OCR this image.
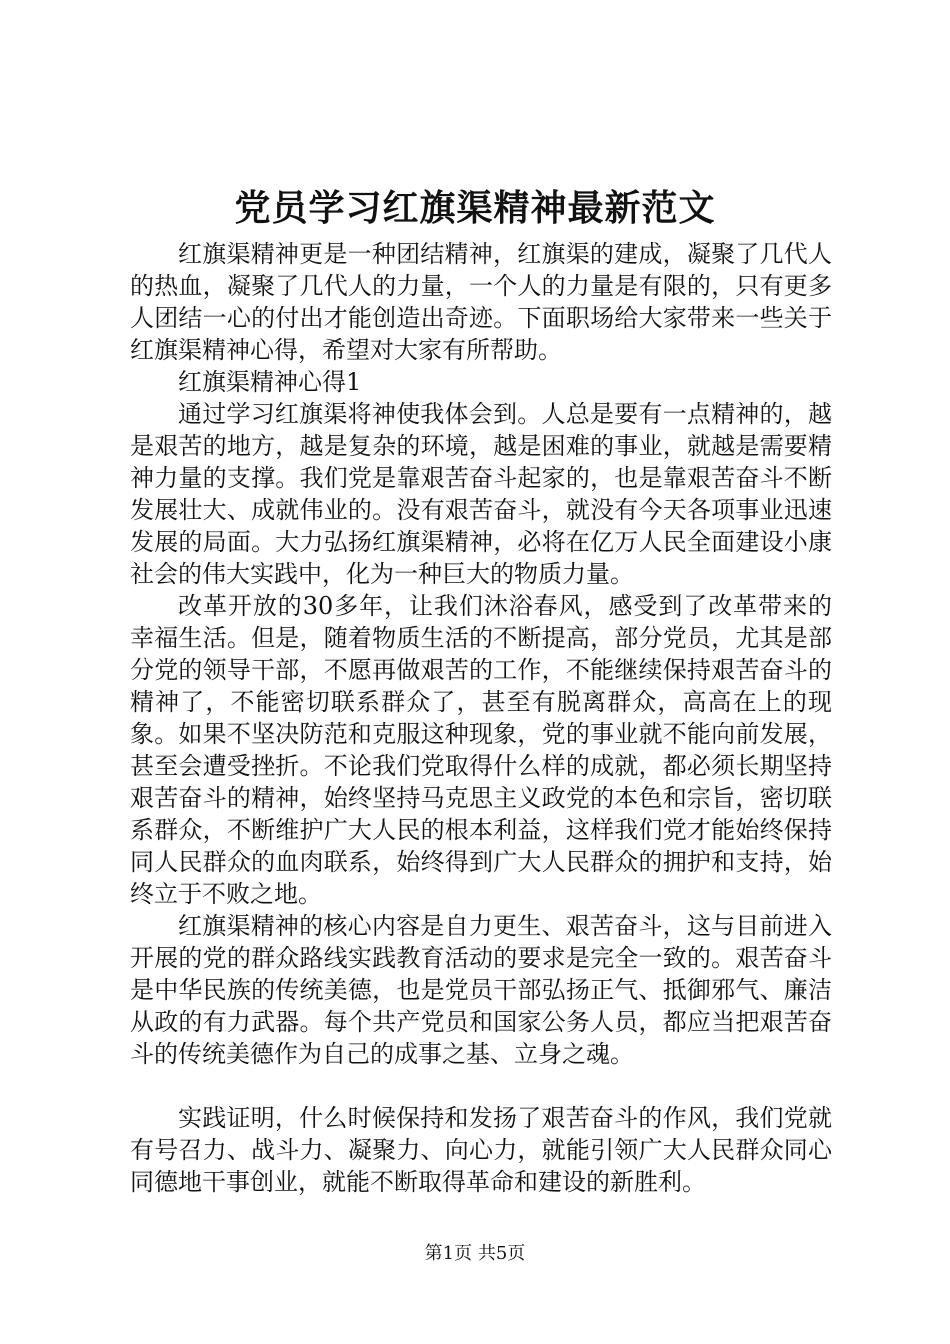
党员学习红旗渠精神最新范文

红旗渠精神更是一种团结精神，红旗渠的建成，凝聚了几代人的热血，凝聚了几代人的力量，一个人的力量是有限的，只有更多人团结一心的付出才能创造出奇迹。下面职场给大家带来一些关于红旗渠精神心得，希望对大家有所帮助。

红旗渠精神心得1

通过学习红旗渠将神使我体会到。人总是要有一点精神的，越是艰苦的地方，越是复杂的环境，越是困难的事业，就越是需要精神力量的支撑。我们党是靠艰苦奋斗起家的，也是靠艰苦奋斗不断发展壮大、成就伟业的。没有艰苦奋斗，就没有今天各项事业迅速发展的局面。大力弘扬红旗渠精神，必将在亿万人民全面建设小康社会的伟大实践中，化为一种巨大的物质力量。

改革开放的30多年，让我们沐浴春风，感受到了改革带来的幸福生活。但是，随着物质生活的不断提高，部分党员，尤其是部分党的领导干部，不愿再做艰苦的工作，不能继续保持艰苦奋斗的精神了，不能密切联系群众了，甚至有脱离群众，高高在上的现象。如果不坚决防范和克服这种现象，党的事业就不能向前发展，甚至会遭受挫折。不论我们党取得什么样的成就，都必须长期坚持艰苦奋斗的精神，始终坚持马克思主义政党的本色和宗旨，密切联系群众，不断维护广大人民的根本利益，这样我们党才能始终保持同人民群众的血肉联系，始终得到广大人民群众的拥护和支持，始终立于不败之地。

红旗渠精神的核心内容是自力更生、艰苦奋斗，这与目前进入开展的党的群众路线实践教育活动的要求是完全一致的。艰苦奋斗是中华民族的传统美德，也是党员干部弘扬正气、抵御邪气、廉洁从政的有力武器。每个共产党员和国家公务人员，都应当把艰苦奋斗的传统美德作为自己的成事之基、立身之魂。

实践证明，什么时候保持和发扬了艰苦奋斗的作风，我们党就有号召力、战斗力、凝聚力、向心力，就能引领广大人民群众同心同德地干事创业，就能不断取得革命和建设的新胜利。

第1页 共5页
